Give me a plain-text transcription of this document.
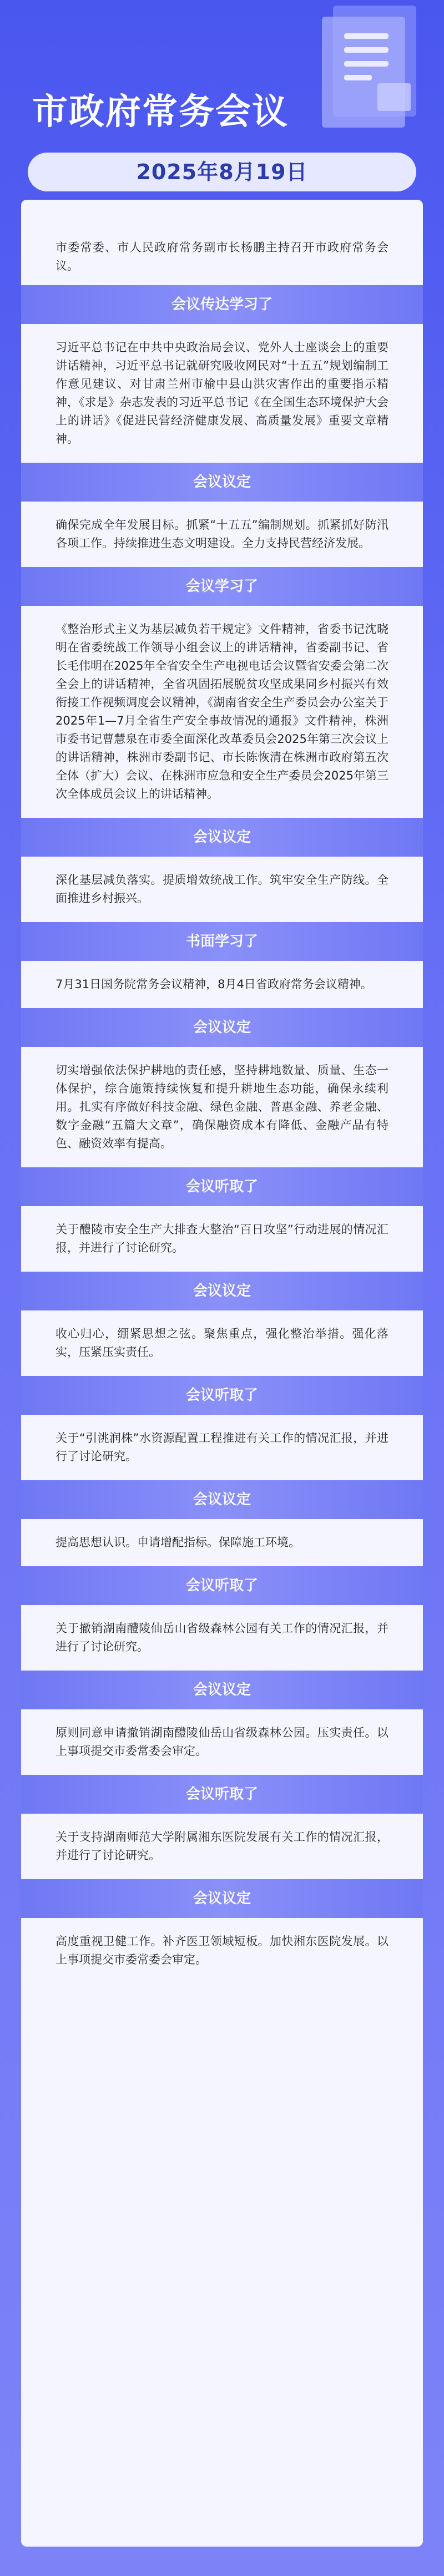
市政府常务会议
2025年8月19日
市委常委、市人民政府常务副市长杨鹏主持召开市政府常务会议。
会议传达学习了
习近平总书记在中共中央政治局会议、党外人士座谈会上的重要讲话精神，习近平总书记就研究吸收网民对“十五五”规划编制工作意见建议、对甘肃兰州市榆中县山洪灾害作出的重要指示精神，《求是》杂志发表的习近平总书记《在全国生态环境保护大会上的讲话》《促进民营经济健康发展、高质量发展》重要文章精神。
会议议定
确保完成全年发展目标。抓紧“十五五”编制规划。抓紧抓好防汛各项工作。持续推进生态文明建设。全力支持民营经济发展。
会议学习了
《整治形式主义为基层减负若干规定》文件精神，省委书记沈晓明在省委统战工作领导小组会议上的讲话精神，省委副书记、省长毛伟明在2025年全省安全生产电视电话会议暨省安委会第二次全会上的讲话精神，全省巩固拓展脱贫攻坚成果同乡村振兴有效衔接工作视频调度会议精神，《湖南省安全生产委员会办公室关于2025年1—7月全省生产安全事故情况的通报》文件精神，株洲市委书记曹慧泉在市委全面深化改革委员会2025年第三次会议上的讲话精神，株洲市委副书记、市长陈恢清在株洲市政府第五次全体（扩大）会议、在株洲市应急和安全生产委员会2025年第三次全体成员会议上的讲话精神。
会议议定
深化基层减负落实。提质增效统战工作。筑牢安全生产防线。全面推进乡村振兴。
书面学习了
7月31日国务院常务会议精神，8月4日省政府常务会议精神。
会议议定
切实增强依法保护耕地的责任感，坚持耕地数量、质量、生态一体保护，综合施策持续恢复和提升耕地生态功能，确保永续利用。扎实有序做好科技金融、绿色金融、普惠金融、养老金融、数字金融“五篇大文章”，确保融资成本有降低、金融产品有特色、融资效率有提高。
会议听取了
关于醴陵市安全生产大排查大整治“百日攻坚”行动进展的情况汇报，并进行了讨论研究。
会议议定
收心归心，绷紧思想之弦。聚焦重点，强化整治举措。强化落实，压紧压实责任。
会议听取了
关于“引洮润株”水资源配置工程推进有关工作的情况汇报，并进行了讨论研究。
会议议定
提高思想认识。申请增配指标。保障施工环境。
会议听取了
关于撤销湖南醴陵仙岳山省级森林公园有关工作的情况汇报，并进行了讨论研究。
会议议定
原则同意申请撤销湖南醴陵仙岳山省级森林公园。压实责任。以上事项提交市委常委会审定。
会议听取了
关于支持湖南师范大学附属湘东医院发展有关工作的情况汇报，并进行了讨论研究。
会议议定
高度重视卫健工作。补齐医卫领域短板。加快湘东医院发展。以上事项提交市委常委会审定。
